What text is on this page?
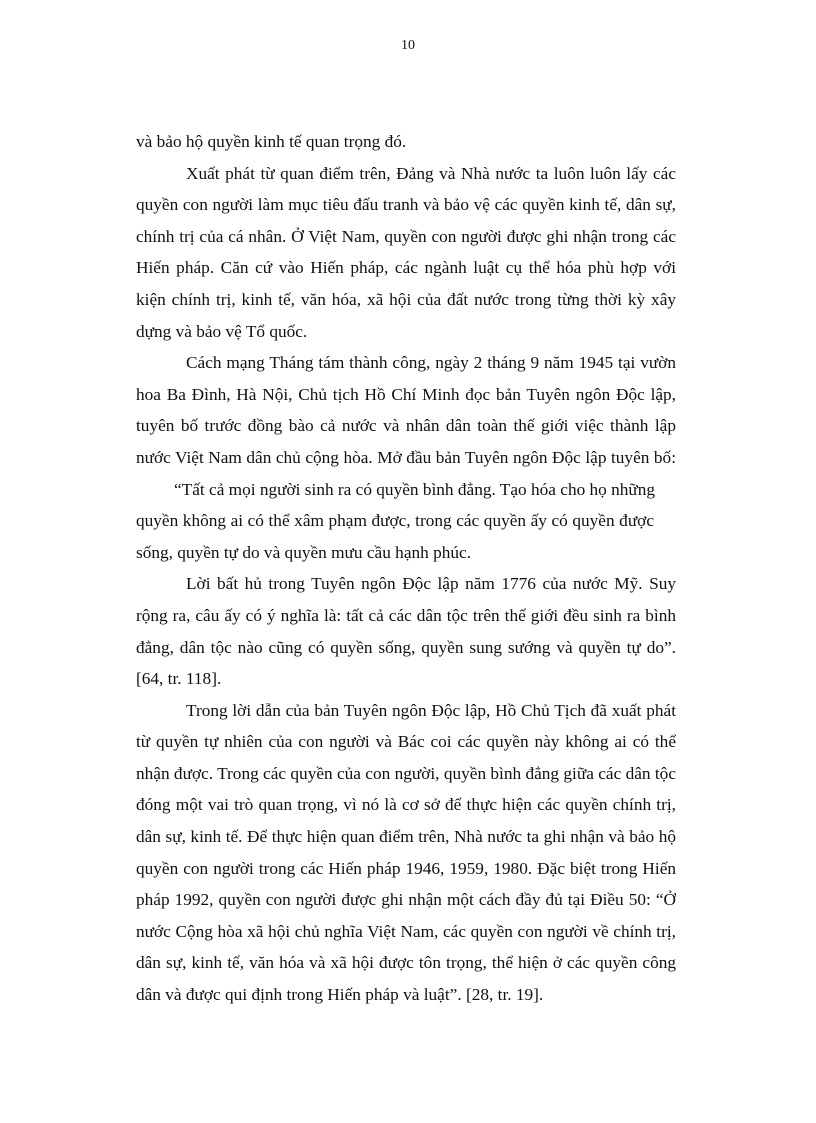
10
và bảo hộ quyền kinh tế quan trọng đó.
Xuất phát từ quan điểm trên, Đảng và Nhà nước ta luôn luôn lấy các
quyền con người làm mục tiêu đấu tranh và bảo vệ các quyền kinh tế, dân sự,
chính trị của cá nhân. Ở Việt Nam, quyền con người được ghi nhận trong các
Hiến pháp. Căn cứ vào Hiến pháp, các ngành luật cụ thể hóa phù hợp với
kiện chính trị, kinh tế, văn hóa, xã hội của đất nước trong từng thời kỳ xây
dựng và bảo vệ Tổ quốc.
Cách mạng Tháng tám thành công, ngày 2 tháng 9 năm 1945 tại vườn
hoa Ba Đình, Hà Nội, Chủ tịch Hồ Chí Minh đọc bản Tuyên ngôn Độc lập,
tuyên bố trước đồng bào cả nước và nhân dân toàn thế giới việc thành lập
nước Việt Nam dân chủ cộng hòa. Mở đầu bản Tuyên ngôn Độc lập tuyên bố:
“Tất cả mọi người sinh ra có quyền bình đẳng. Tạo hóa cho họ những
quyền không ai có thể xâm phạm được, trong các quyền ấy có quyền được
sống, quyền tự do và quyền mưu cầu hạnh phúc.
Lời bất hủ trong Tuyên ngôn Độc lập năm 1776 của nước Mỹ. Suy
rộng ra, câu ấy có ý nghĩa là: tất cả các dân tộc trên thế giới đều sinh ra bình
đẳng, dân tộc nào cũng có quyền sống, quyền sung sướng và quyền tự do”.
[64, tr. 118].
Trong lời dẫn của bản Tuyên ngôn Độc lập, Hồ Chủ Tịch đã xuất phát
từ quyền tự nhiên của con người và Bác coi các quyền này không ai có thể
nhận được. Trong các quyền của con người, quyền bình đẳng giữa các dân tộc
đóng một vai trò quan trọng, vì nó là cơ sở để thực hiện các quyền chính trị,
dân sự, kinh tế. Để thực hiện quan điểm trên, Nhà nước ta ghi nhận và bảo hộ
quyền con người trong các Hiến pháp 1946, 1959, 1980. Đặc biệt trong Hiến
pháp 1992, quyền con người được ghi nhận một cách đầy đủ tại Điều 50: “Ở
nước Cộng hòa xã hội chủ nghĩa Việt Nam, các quyền con người về chính trị,
dân sự, kinh tế, văn hóa và xã hội được tôn trọng, thể hiện ở các quyền công
dân và được qui định trong Hiến pháp và luật”. [28, tr. 19].
